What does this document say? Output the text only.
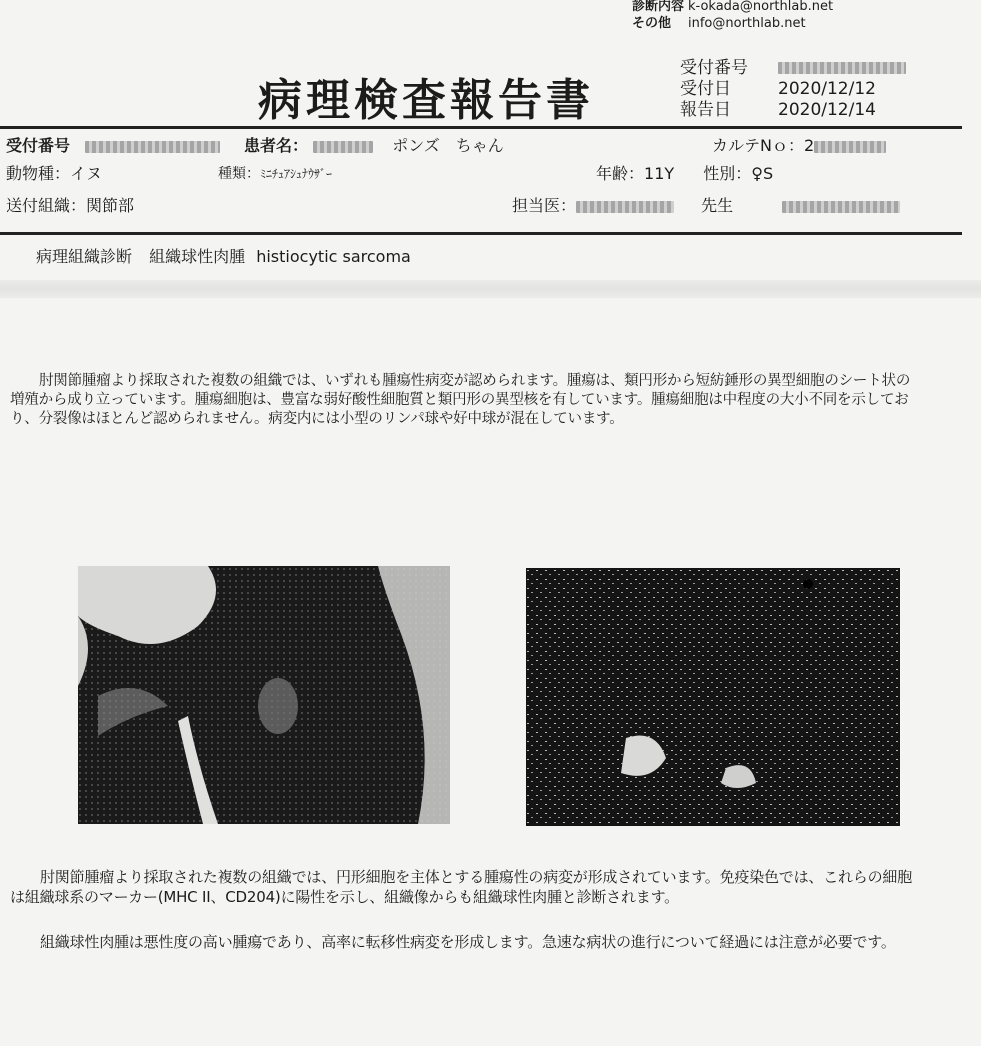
診断内容 k-okada@northlab.net
その他 info@northlab.net
病理検査報告書
受付番号
受付日	2020/12/12
報告日	2020/12/14
受付番号	患者名：	ポンズ　ちゃん	カルテNｏ：2
動物種：イヌ	種類：ﾐﾆﾁｭｱｼｭﾅｳｻﾞｰ	年齢：11Y 性別：♀S
送付組織：関節部	担当医：	先生
病理組織診断 組織球性肉腫 histiocytic sarcoma
肘関節腫瘤より採取された複数の組織では、いずれも腫瘍性病変が認められます。腫瘍は、類円形から短紡錘形の異型細胞のシート状の増殖から成り立っています。腫瘍細胞は、豊富な弱好酸性細胞質と類円形の異型核を有しています。腫瘍細胞は中程度の大小不同を示しており、分裂像はほとんど認められません。病変内には小型のリンパ球や好中球が混在しています。
肘関節腫瘤より採取された複数の組織では、円形細胞を主体とする腫瘍性の病変が形成されています。免疫染色では、これらの細胞は組織球系のマーカー(MHC II、CD204)に陽性を示し、組織像からも組織球性肉腫と診断されます。
組織球性肉腫は悪性度の高い腫瘍であり、高率に転移性病変を形成します。急速な病状の進行について経過には注意が必要です。
